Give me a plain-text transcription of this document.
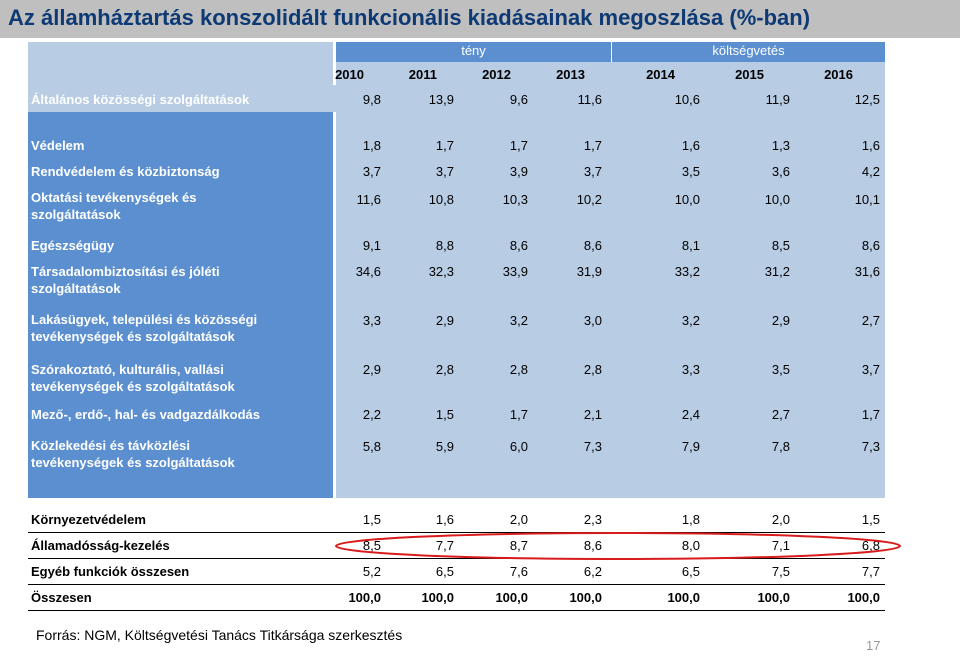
Az államháztartás konszolidált funkcionális kiadásainak megoszlása (%-ban)
tény	költségvetés
2010	2011	2012	2013	2014	2015	2016
Általános közösségi szolgáltatások	9,8	13,9	9,6	11,6	10,6	11,9	12,5
Védelem	1,8	1,7	1,7	1,7	1,6	1,3	1,6
Rendvédelem és közbiztonság	3,7	3,7	3,9	3,7	3,5	3,6	4,2
Oktatási tevékenységek és szolgáltatások
11,6	10,8	10,3	10,2	10,0	10,0	10,1
Egészségügy	9,1	8,8	8,6	8,6	8,1	8,5	8,6
Társadalombiztosítási és jóléti szolgáltatások
34,6	32,3	33,9	31,9	33,2	31,2	31,6
Lakásügyek, települési és közösségi tevékenységek és szolgáltatások
3,3	2,9	3,2	3,0	3,2	2,9	2,7
Szórakoztató, kulturális, vallási tevékenységek és szolgáltatások
2,9	2,8	2,8	2,8	3,3	3,5	3,7
Mező-, erdő-, hal- és vadgazdálkodás	2,2	1,5	1,7	2,1	2,4	2,7	1,7
Közlekedési és távközlési tevékenységek és szolgáltatások
5,8	5,9	6,0	7,3	7,9	7,8	7,3
Környezetvédelem	1,5	1,6	2,0	2,3	1,8	2,0	1,5
Államadósság-kezelés	8,5	7,7	8,7	8,6	8,0	7,1	6,8
Egyéb funkciók összesen	5,2	6,5	7,6	6,2	6,5	7,5	7,7
Összesen	100,0	100,0	100,0	100,0	100,0	100,0	100,0
Forrás: NGM, Költségvetési Tanács Titkársága szerkesztés
17
